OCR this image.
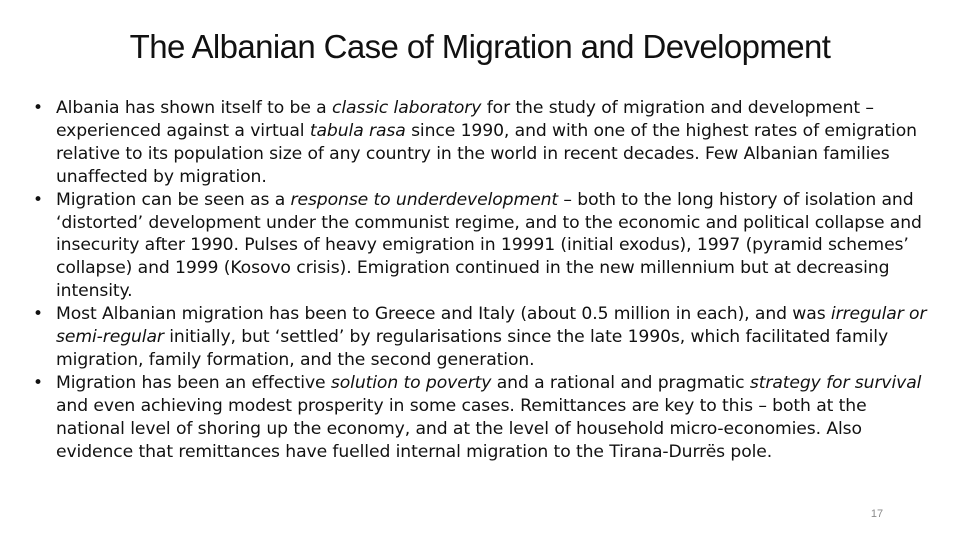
The Albanian Case of Migration and Development
• Albania has shown itself to be a classic laboratory for the study of migration and development – experienced against a virtual tabula rasa since 1990, and with one of the highest rates of emigration relative to its population size of any country in the world in recent decades. Few Albanian families unaffected by migration.
• Migration can be seen as a response to underdevelopment – both to the long history of isolation and ‘distorted’ development under the communist regime, and to the economic and political collapse and insecurity after 1990. Pulses of heavy emigration in 19991 (initial exodus), 1997 (pyramid schemes’ collapse) and 1999 (Kosovo crisis). Emigration continued in the new millennium but at decreasing intensity.
• Most Albanian migration has been to Greece and Italy (about 0.5 million in each), and was irregular or semi-regular initially, but ‘settled’ by regularisations since the late 1990s, which facilitated family migration, family formation, and the second generation.
• Migration has been an effective solution to poverty and a rational and pragmatic strategy for survival and even achieving modest prosperity in some cases. Remittances are key to this – both at the national level of shoring up the economy, and at the level of household micro-economies. Also evidence that remittances have fuelled internal migration to the Tirana-Durrës pole.
17
